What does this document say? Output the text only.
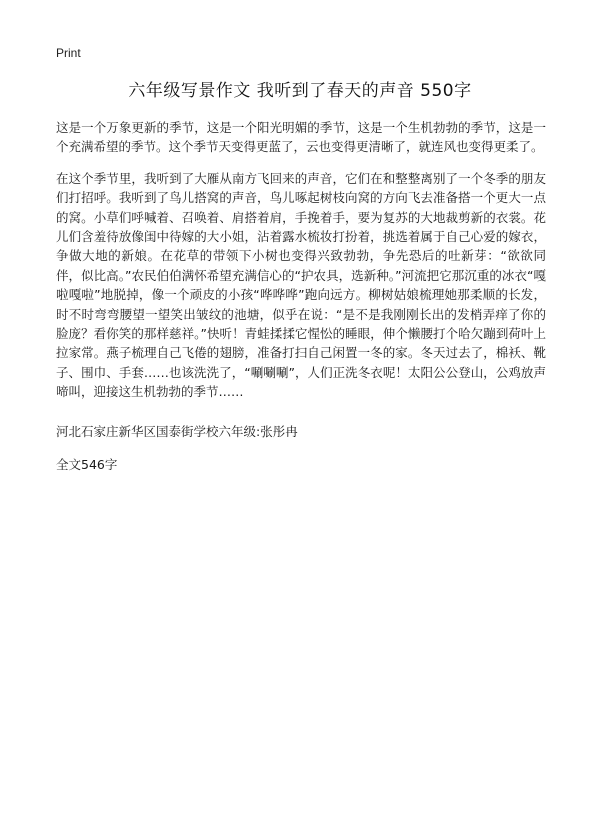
Print
六年级写景作文 我听到了春天的声音 550字

这是一个万象更新的季节，这是一个阳光明媚的季节，这是一个生机勃勃的季节，这是一个充满希望的季节。这个季节天变得更蓝了，云也变得更清晰了，就连风也变得更柔了。

在这个季节里，我听到了大雁从南方飞回来的声音，它们在和整整离别了一个冬季的朋友们打招呼。我听到了鸟儿搭窝的声音，鸟儿啄起树枝向窝的方向飞去准备搭一个更大一点的窝。小草们呼喊着、召唤着、肩搭着肩，手挽着手，要为复苏的大地裁剪新的衣裳。花儿们含羞待放像闺中待嫁的大小姐，沾着露水梳妆打扮着，挑选着属于自己心爱的嫁衣，争做大地的新娘。在花草的带领下小树也变得兴致勃勃，争先恐后的吐新芽：“欲欲同伴，似比高。”农民伯伯满怀希望充满信心的“护农具，选新种。”河流把它那沉重的冰衣“嘎啦嘎啦”地脱掉，像一个顽皮的小孩“哗哗哗”跑向远方。柳树姑娘梳理她那柔顺的长发，时不时弯弯腰望一望笑出皱纹的池塘，似乎在说：“是不是我刚刚长出的发梢弄痒了你的脸庞？看你笑的那样慈祥。”快听！青蛙揉揉它惺忪的睡眼，伸个懒腰打个哈欠蹦到荷叶上拉家常。燕子梳理自己飞倦的翅膀，准备打扫自己闲置一冬的家。冬天过去了，棉袄、靴子、围巾、手套……也该洗洗了，“唰唰唰”，人们正洗冬衣呢！太阳公公登山，公鸡放声啼叫，迎接这生机勃勃的季节……

河北石家庄新华区国泰街学校六年级:张彤冉

全文546字
